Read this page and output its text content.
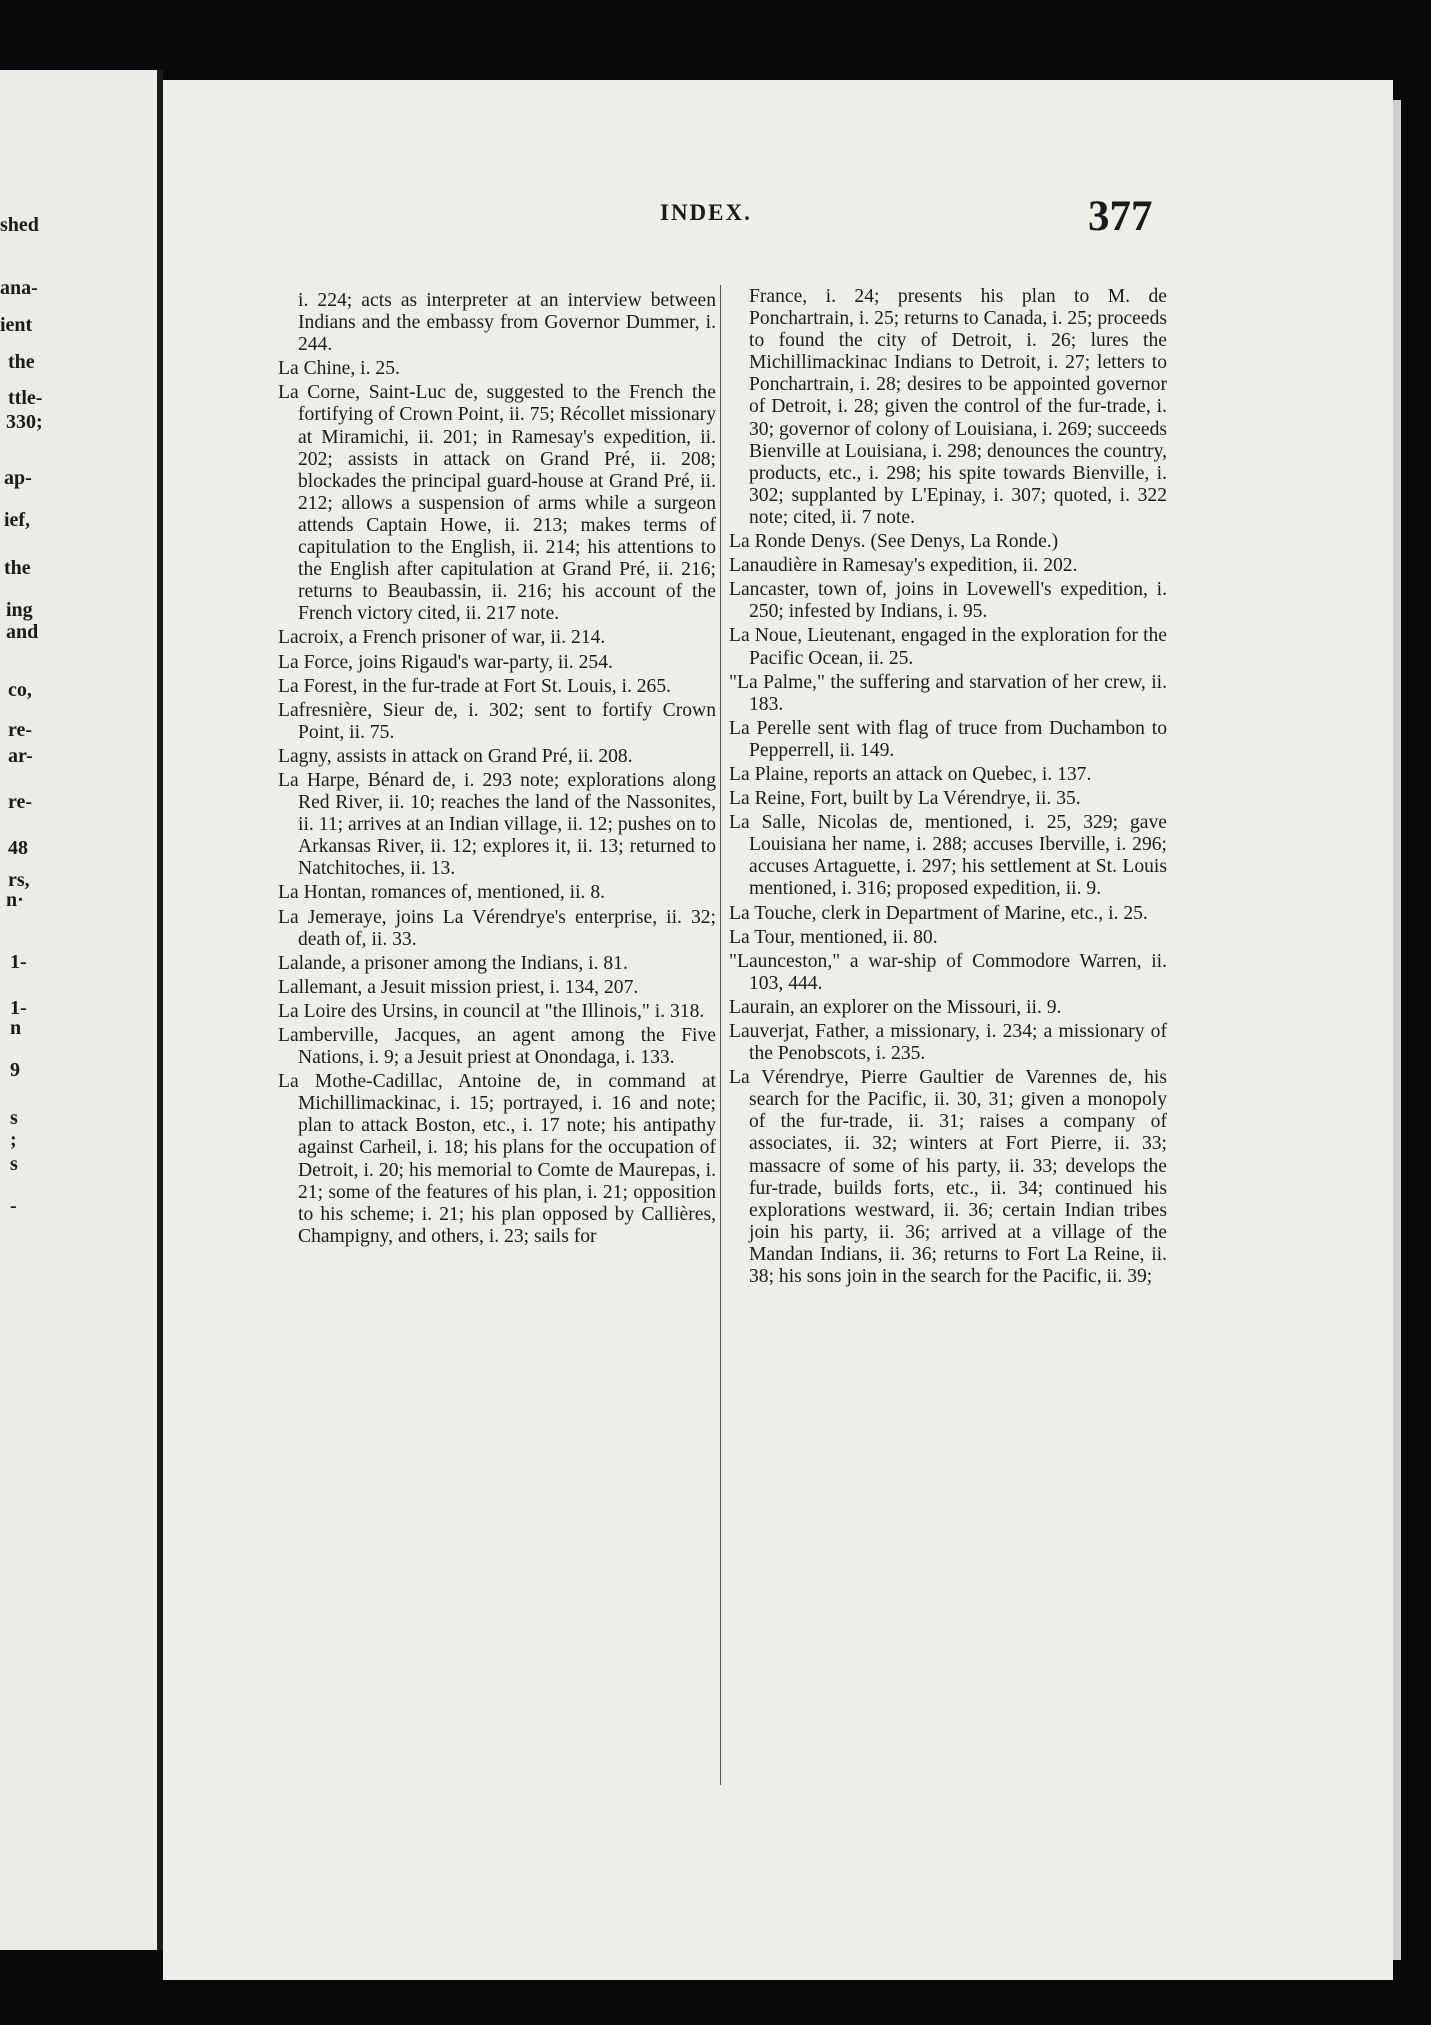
shed
ana-
ient
the
ttle-
330;
ap-
ief,
the
ing
and
co,
re-
ar-
re-
48
rs,
n·
1-
1-
n
9
s
;
s
-
INDEX.	377
i. 224; acts as interpreter at an interview between Indians and the embassy from Governor Dummer, i. 244.
La Chine, i. 25.
La Corne, Saint-Luc de, suggested to the French the fortifying of Crown Point, ii. 75; Récollet missionary at Miramichi, ii. 201; in Ramesay's expedition, ii. 202; assists in attack on Grand Pré, ii. 208; blockades the principal guard-house at Grand Pré, ii. 212; allows a suspension of arms while a surgeon attends Captain Howe, ii. 213; makes terms of capitulation to the English, ii. 214; his attentions to the English after capitulation at Grand Pré, ii. 216; returns to Beaubassin, ii. 216; his account of the French victory cited, ii. 217 note.
Lacroix, a French prisoner of war, ii. 214.
La Force, joins Rigaud's war-party, ii. 254.
La Forest, in the fur-trade at Fort St. Louis, i. 265.
Lafresnière, Sieur de, i. 302; sent to fortify Crown Point, ii. 75.
Lagny, assists in attack on Grand Pré, ii. 208.
La Harpe, Bénard de, i. 293 note; explorations along Red River, ii. 10; reaches the land of the Nassonites, ii. 11; arrives at an Indian village, ii. 12; pushes on to Arkansas River, ii. 12; explores it, ii. 13; returned to Natchitoches, ii. 13.
La Hontan, romances of, mentioned, ii. 8.
La Jemeraye, joins La Vérendrye's enterprise, ii. 32; death of, ii. 33.
Lalande, a prisoner among the Indians, i. 81.
Lallemant, a Jesuit mission priest, i. 134, 207.
La Loire des Ursins, in council at "the Illinois," i. 318.
Lamberville, Jacques, an agent among the Five Nations, i. 9; a Jesuit priest at Onondaga, i. 133.
La Mothe-Cadillac, Antoine de, in command at Michillimackinac, i. 15; portrayed, i. 16 and note; plan to attack Boston, etc., i. 17 note; his antipathy against Carheil, i. 18; his plans for the occupation of Detroit, i. 20; his memorial to Comte de Maurepas, i. 21; some of the features of his plan, i. 21; opposition to his scheme; i. 21; his plan opposed by Callières, Champigny, and others, i. 23; sails for
France, i. 24; presents his plan to M. de Ponchartrain, i. 25; returns to Canada, i. 25; proceeds to found the city of Detroit, i. 26; lures the Michillimackinac Indians to Detroit, i. 27; letters to Ponchartrain, i. 28; desires to be appointed governor of Detroit, i. 28; given the control of the fur-trade, i. 30; governor of colony of Louisiana, i. 269; succeeds Bienville at Louisiana, i. 298; denounces the country, products, etc., i. 298; his spite towards Bienville, i. 302; supplanted by L'Epinay, i. 307; quoted, i. 322 note; cited, ii. 7 note.
La Ronde Denys. (See Denys, La Ronde.)
Lanaudière in Ramesay's expedition, ii. 202.
Lancaster, town of, joins in Lovewell's expedition, i. 250; infested by Indians, i. 95.
La Noue, Lieutenant, engaged in the exploration for the Pacific Ocean, ii. 25.
"La Palme," the suffering and starvation of her crew, ii. 183.
La Perelle sent with flag of truce from Duchambon to Pepperrell, ii. 149.
La Plaine, reports an attack on Quebec, i. 137.
La Reine, Fort, built by La Vérendrye, ii. 35.
La Salle, Nicolas de, mentioned, i. 25, 329; gave Louisiana her name, i. 288; accuses Iberville, i. 296; accuses Artaguette, i. 297; his settlement at St. Louis mentioned, i. 316; proposed expedition, ii. 9.
La Touche, clerk in Department of Marine, etc., i. 25.
La Tour, mentioned, ii. 80.
"Launceston," a war-ship of Commodore Warren, ii. 103, 444.
Laurain, an explorer on the Missouri, ii. 9.
Lauverjat, Father, a missionary, i. 234; a missionary of the Penobscots, i. 235.
La Vérendrye, Pierre Gaultier de Varennes de, his search for the Pacific, ii. 30, 31; given a monopoly of the fur-trade, ii. 31; raises a company of associates, ii. 32; winters at Fort Pierre, ii. 33; massacre of some of his party, ii. 33; develops the fur-trade, builds forts, etc., ii. 34; continued his explorations westward, ii. 36; certain Indian tribes join his party, ii. 36; arrived at a village of the Mandan Indians, ii. 36; returns to Fort La Reine, ii. 38; his sons join in the search for the Pacific, ii. 39;
